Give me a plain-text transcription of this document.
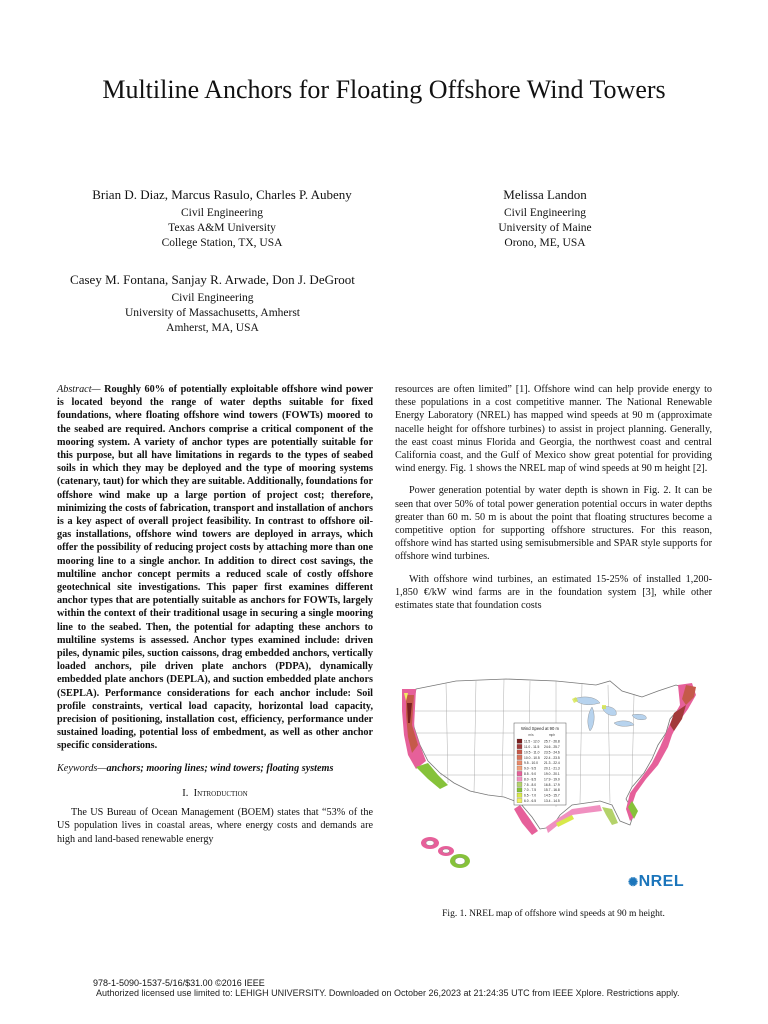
Multiline Anchors for Floating Offshore Wind Towers
Brian D. Diaz, Marcus Rasulo, Charles P. Aubeny
Civil Engineering
Texas A&M University
College Station, TX, USA
Melissa Landon
Civil Engineering
University of Maine
Orono, ME, USA
Casey M. Fontana, Sanjay R. Arwade, Don J. DeGroot
Civil Engineering
University of Massachusetts, Amherst
Amherst, MA, USA
Abstract— Roughly 60% of potentially exploitable offshore wind power is located beyond the range of water depths suitable for fixed foundations, where floating offshore wind towers (FOWTs) moored to the seabed are required. Anchors comprise a critical component of the mooring system. A variety of anchor types are potentially suitable for this purpose, but all have limitations in regards to the types of seabed soils in which they may be deployed and the type of mooring systems (catenary, taut) for which they are suitable. Additionally, foundations for offshore wind make up a large portion of project cost; therefore, minimizing the costs of fabrication, transport and installation of anchors is a key aspect of overall project feasibility. In contrast to offshore oil-gas installations, offshore wind towers are deployed in arrays, which offer the possibility of reducing project costs by attaching more than one mooring line to a single anchor. In addition to direct cost savings, the multiline anchor concept permits a reduced scale of costly offshore geotechnical site investigations. This paper first examines different anchor types that are potentially suitable as anchors for FOWTs, largely within the context of their traditional usage in securing a single mooring line to the seabed. Then, the potential for adapting these anchors to multiline systems is assessed. Anchor types examined include: driven piles, dynamic piles, suction caissons, drag embedded anchors, vertically loaded anchors, pile driven plate anchors (PDPA), dynamically embedded plate anchors (DEPLA), and suction embedded plate anchors (SEPLA). Performance considerations for each anchor include: Soil profile constraints, vertical load capacity, horizontal load capacity, precision of positioning, installation cost, efficiency, performance under sustained loading, potential loss of embedment, as well as other anchor specific considerations.
Keywords—anchors; mooring lines; wind towers; floating systems
I. Introduction

The US Bureau of Ocean Management (BOEM) states that “53% of the US population lives in coastal areas, where energy costs and demands are high and land-based renewable energy

resources are often limited” [1]. Offshore wind can help provide energy to these populations in a cost competitive manner. The National Renewable Energy Laboratory (NREL) has mapped wind speeds at 90 m (approximate nacelle height for offshore turbines) to assist in project planning. Generally, the east coast minus Florida and Georgia, the northwest coast and central California coast, and the Gulf of Mexico show great potential for providing wind energy. Fig. 1 shows the NREL map of wind speeds at 90 m height [2].

Power generation potential by water depth is shown in Fig. 2. It can be seen that over 50% of total power generation potential occurs in water depths greater than 60 m. 50 m is about the point that floating structures become a competitive option for supporting offshore structures. For this reason, offshore wind has started using semisubmersible and SPAR style supports for offshore wind turbines.

With offshore wind turbines, an estimated 15-25% of installed 1,200-1,850 €/kW wind farms are in the foundation system [3], while other estimates state that foundation costs

Wind Speed at 90 m
m/s	mph
11.5 - 12.0 25.7 - 26.8
11.0 - 11.5 24.6 - 25.7
10.5 - 11.0 23.5 - 24.6
10.0 - 10.5 22.4 - 23.5
9.5 - 10.0 21.3 - 22.4
9.0 - 9.5 20.1 - 21.3
8.5 - 9.0 19.0 - 20.1
8.0 - 8.5 17.9 - 19.0
7.5 - 8.0 16.8 - 17.9
7.0 - 7.5 15.7 - 16.8
6.5 - 7.0 14.5 - 15.7
6.0 - 6.5 13.4 - 14.5
✺NREL
Fig. 1. NREL map of offshore wind speeds at 90 m height.
978-1-5090-1537-5/16/$31.00 ©2016 IEEE
Authorized licensed use limited to: LEHIGH UNIVERSITY. Downloaded on October 26,2023 at 21:24:35 UTC from IEEE Xplore. Restrictions apply.
